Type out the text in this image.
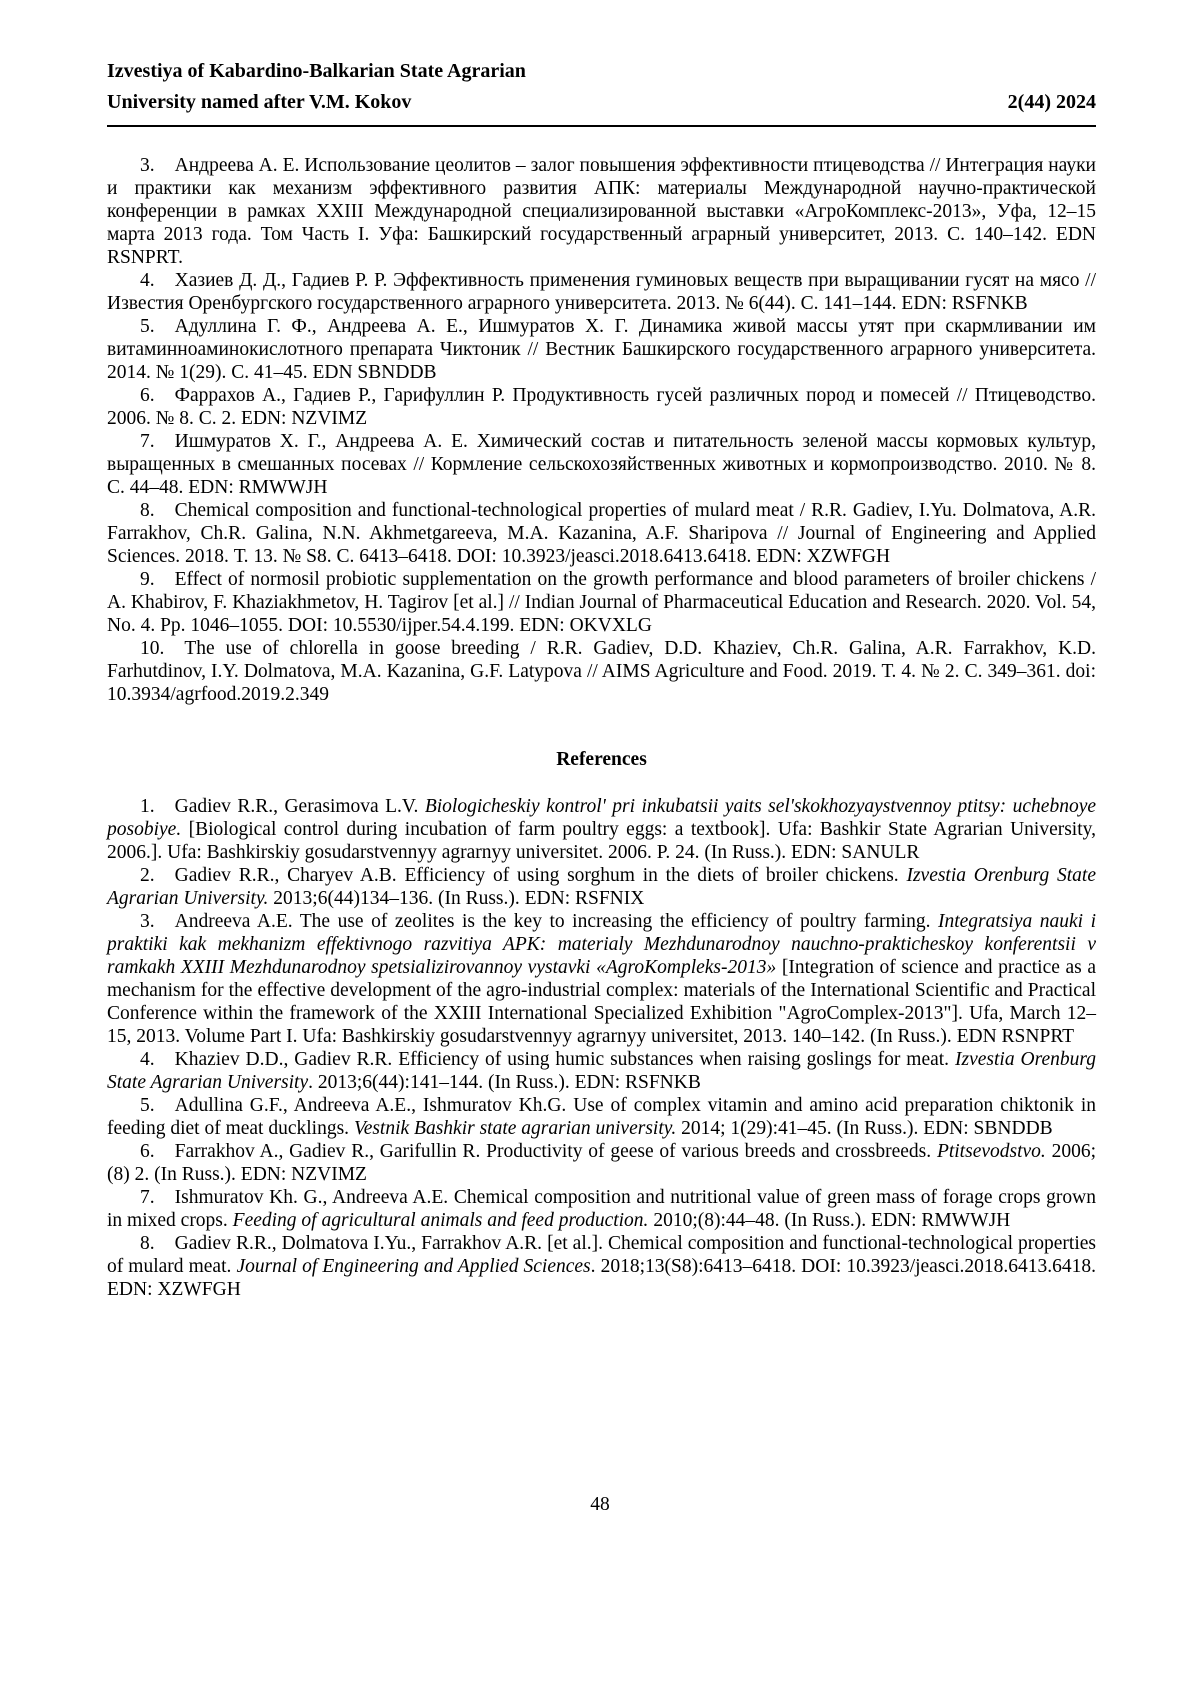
Izvestiya of Kabardino-Balkarian State Agrarian
University named after V.M. Kokov	2(44) 2024

3. Андреева А. Е. Использование цеолитов – залог повышения эффективности птицеводства // Интеграция науки и практики как механизм эффективного развития АПК: материалы Международной научно-практической конференции в рамках XXIII Международной специализированной выставки «АгроКомплекс-2013», Уфа, 12–15 марта 2013 года. Том Часть I. Уфа: Башкирский государственный аграрный университет, 2013. С. 140–142. EDN RSNPRT.

4. Хазиев Д. Д., Гадиев Р. Р. Эффективность применения гуминовых веществ при выращивании гусят на мясо // Известия Оренбургского государственного аграрного университета. 2013. № 6(44). С. 141–144. EDN: RSFNKB

5. Адуллина Г. Ф., Андреева А. Е., Ишмуратов Х. Г. Динамика живой массы утят при скармливании им витаминноаминокислотного препарата Чиктоник // Вестник Башкирского государственного аграрного университета. 2014. № 1(29). С. 41–45. EDN SBNDDB

6. Фаррахов А., Гадиев Р., Гарифуллин Р. Продуктивность гусей различных пород и помесей // Птицеводство. 2006. № 8. С. 2. EDN: NZVIMZ

7. Ишмуратов Х. Г., Андреева А. Е. Химический состав и питательность зеленой массы кормовых культур, выращенных в смешанных посевах // Кормление сельскохозяйственных животных и кормопроизводство. 2010. № 8. С. 44–48. EDN: RMWWJH

8. Chemical composition and functional-technological properties of mulard meat / R.R. Gadiev, I.Yu. Dolmatova, A.R. Farrakhov, Ch.R. Galina, N.N. Akhmetgareeva, M.A. Kazanina, A.F. Sharipova // Journal of Engineering and Applied Sciences. 2018. Т. 13. № S8. С. 6413–6418. DOI: 10.3923/jeasci.2018.6413.6418. EDN: XZWFGH

9. Effect of normosil probiotic supplementation on the growth performance and blood parameters of broiler chickens / A. Khabirov, F. Khaziakhmetov, H. Tagirov [et al.] // Indian Journal of Pharmaceutical Education and Research. 2020. Vol. 54, No. 4. Pp. 1046–1055. DOI: 10.5530/ijper.54.4.199. EDN: OKVXLG

10. The use of chlorella in goose breeding / R.R. Gadiev, D.D. Khaziev, Ch.R. Galina, A.R. Farrakhov, K.D. Farhutdinov, I.Y. Dolmatova, M.A. Kazanina, G.F. Latypova // AIMS Agriculture and Food. 2019. Т. 4. № 2. С. 349–361. doi: 10.3934/agrfood.2019.2.349

References

1. Gadiev R.R., Gerasimova L.V. Biologicheskiy kontrol' pri inkubatsii yaits sel'skokhozyaystvennoy ptitsy: uchebnoye posobiye. [Biological control during incubation of farm poultry eggs: a textbook]. Ufa: Bashkir State Agrarian University, 2006.]. Ufa: Bashkirskiy gosudarstvennyy agrarnyy universitet. 2006. P. 24. (In Russ.). EDN: SANULR

2. Gadiev R.R., Charyev A.B. Efficiency of using sorghum in the diets of broiler chickens. Izvestia Orenburg State Agrarian University. 2013;6(44)134–136. (In Russ.). EDN: RSFNIX

3. Andreeva A.E. The use of zeolites is the key to increasing the efficiency of poultry farming. Integratsiya nauki i praktiki kak mekhanizm effektivnogo razvitiya APK: materialy Mezhdunarodnoy nauchno-prakticheskoy konferentsii v ramkakh XXIII Mezhdunarodnoy spetsializirovannoy vystavki «AgroKompleks-2013» [Integration of science and practice as a mechanism for the effective development of the agro-industrial complex: materials of the International Scientific and Practical Conference within the framework of the XXIII International Specialized Exhibition "AgroComplex-2013"]. Ufa, March 12–15, 2013. Volume Part I. Ufa: Bashkirskiy gosudarstvennyy agrarnyy universitet, 2013. 140–142. (In Russ.). EDN RSNPRT

4. Khaziev D.D., Gadiev R.R. Efficiency of using humic substances when raising goslings for meat. Izvestia Orenburg State Agrarian University. 2013;6(44):141–144. (In Russ.). EDN: RSFNKB

5. Adullina G.F., Andreeva A.E., Ishmuratov Kh.G. Use of complex vitamin and amino acid preparation chiktonik in feeding diet of meat ducklings. Vestnik Bashkir state agrarian university. 2014; 1(29):41–45. (In Russ.). EDN: SBNDDB

6. Farrakhov A., Gadiev R., Garifullin R. Productivity of geese of various breeds and crossbreeds. Ptitsevodstvo. 2006;(8) 2. (In Russ.). EDN: NZVIMZ

7. Ishmuratov Kh. G., Andreeva A.E. Chemical composition and nutritional value of green mass of forage crops grown in mixed crops. Feeding of agricultural animals and feed production. 2010;(8):44–48. (In Russ.). EDN: RMWWJH

8. Gadiev R.R., Dolmatova I.Yu., Farrakhov A.R. [et al.]. Chemical composition and functional-technological properties of mulard meat. Journal of Engineering and Applied Sciences. 2018;13(S8):6413–6418. DOI: 10.3923/jeasci.2018.6413.6418. EDN: XZWFGH

48
